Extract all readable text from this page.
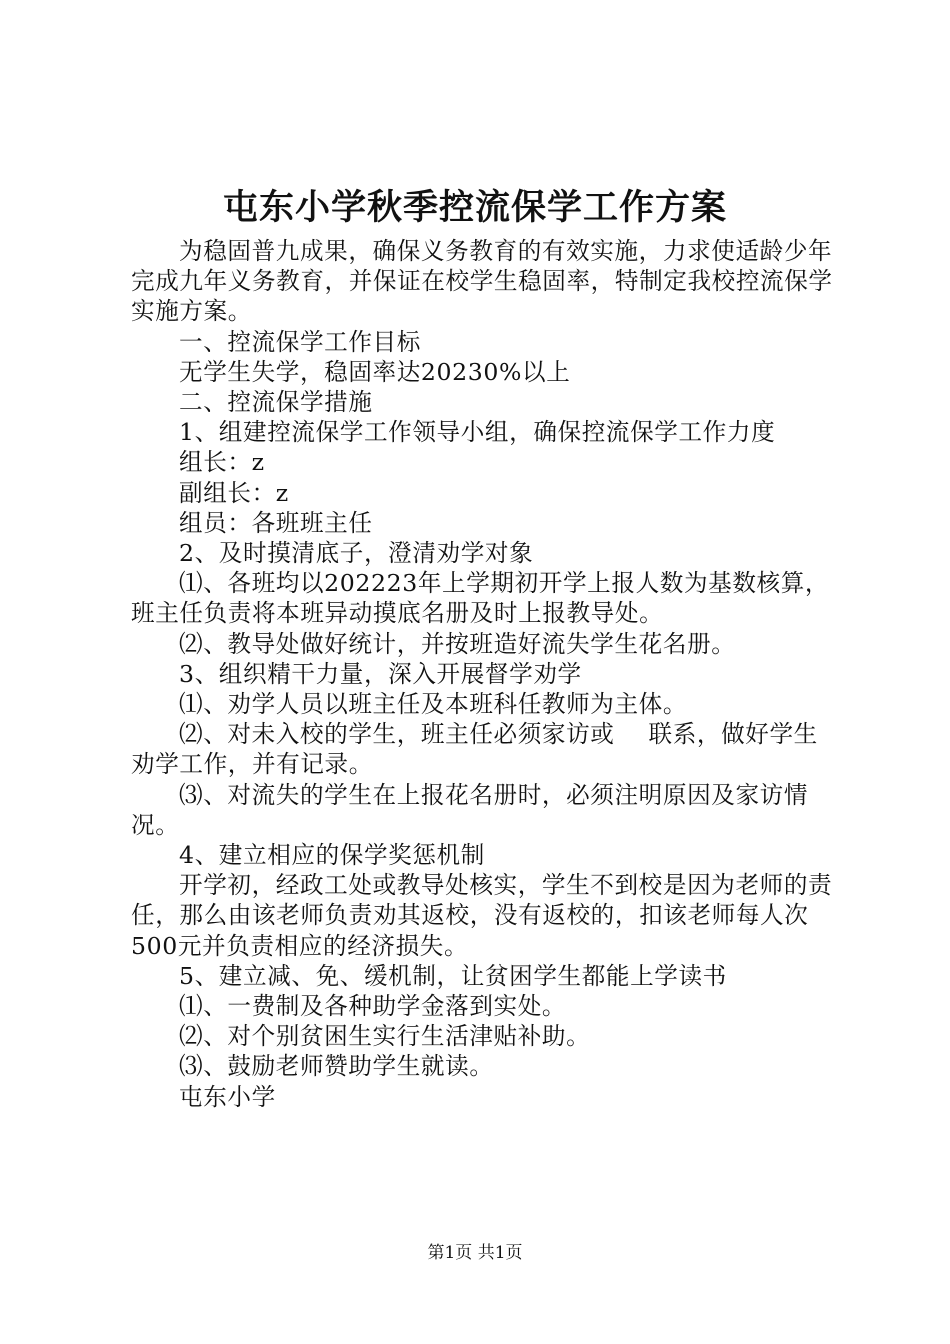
屯东小学秋季控流保学工作方案

为稳固普九成果，确保义务教育的有效实施，力求使适龄少年完成九年义务教育，并保证在校学生稳固率，特制定我校控流保学实施方案。

一、控流保学工作目标

无学生失学，稳固率达20230%以上

二、控流保学措施

1、组建控流保学工作领导小组，确保控流保学工作力度

组长：z

副组长：z

组员：各班班主任

2、及时摸清底子，澄清劝学对象

⑴、各班均以202223年上学期初开学上报人数为基数核算，班主任负责将本班异动摸底名册及时上报教导处。

⑵、教导处做好统计，并按班造好流失学生花名册。

3、组织精干力量，深入开展督学劝学

⑴、劝学人员以班主任及本班科任教师为主体。

⑵、对未入校的学生，班主任必须家访或 联系，做好学生劝学工作，并有记录。

⑶、对流失的学生在上报花名册时，必须注明原因及家访情况。

4、建立相应的保学奖惩机制

开学初，经政工处或教导处核实，学生不到校是因为老师的责任，那么由该老师负责劝其返校，没有返校的，扣该老师每人次500元并负责相应的经济损失。

5、建立减、免、缓机制，让贫困学生都能上学读书

⑴、一费制及各种助学金落到实处。

⑵、对个别贫困生实行生活津贴补助。

⑶、鼓励老师赞助学生就读。

屯东小学

第1页 共1页
